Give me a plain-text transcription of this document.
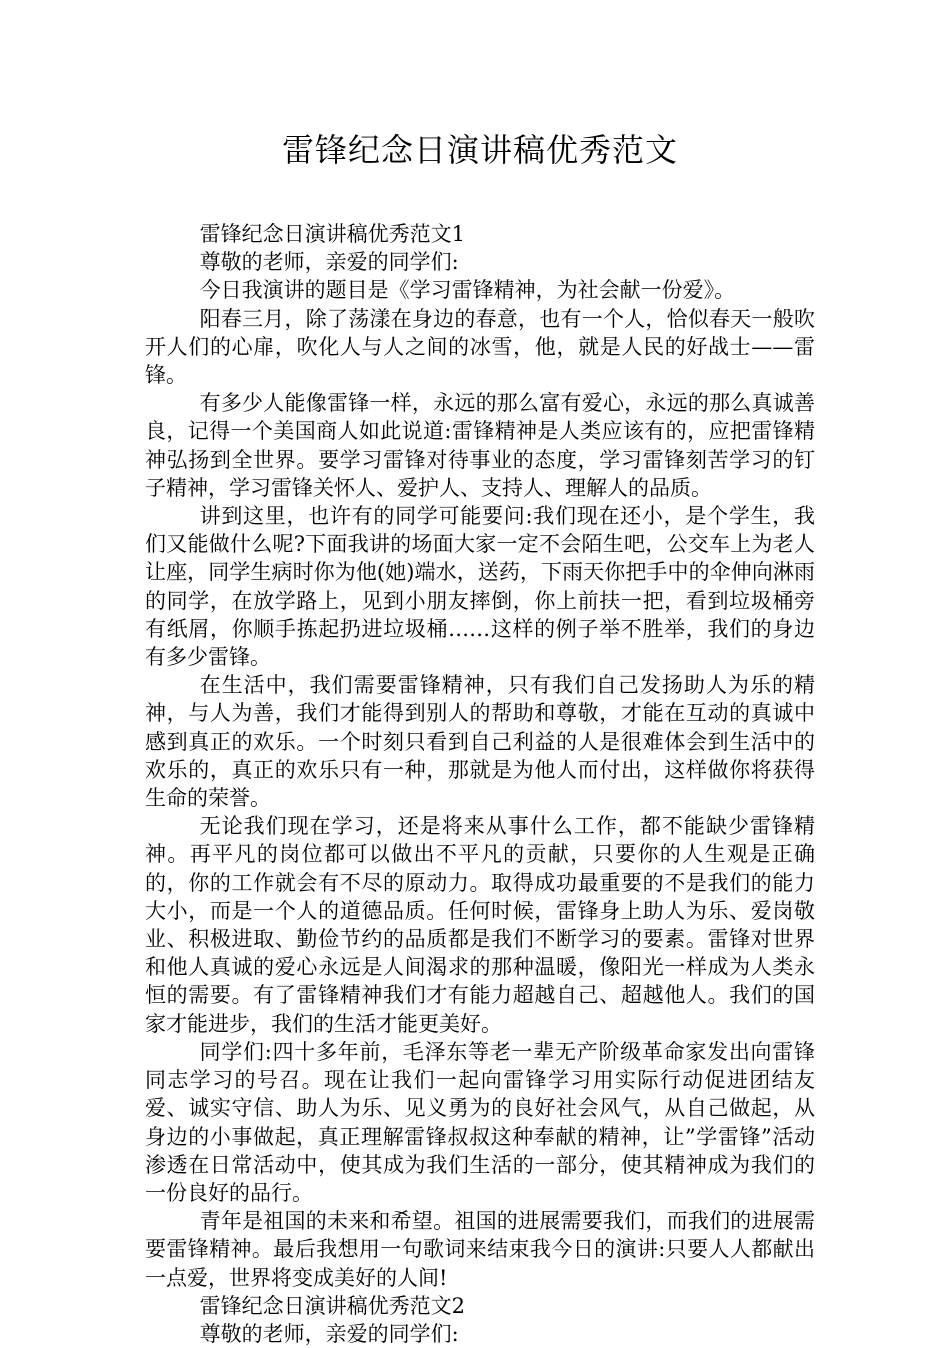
雷锋纪念日演讲稿优秀范文

雷锋纪念日演讲稿优秀范文1

尊敬的老师，亲爱的同学们:

今日我演讲的题目是《学习雷锋精神，为社会献一份爱》。

阳春三月，除了荡漾在身边的春意，也有一个人，恰似春天一般吹开人们的心扉，吹化人与人之间的冰雪，他，就是人民的好战士——雷锋。

有多少人能像雷锋一样，永远的那么富有爱心，永远的那么真诚善良，记得一个美国商人如此说道:雷锋精神是人类应该有的，应把雷锋精神弘扬到全世界。要学习雷锋对待事业的态度，学习雷锋刻苦学习的钉子精神，学习雷锋关怀人、爱护人、支持人、理解人的品质。

讲到这里，也许有的同学可能要问:我们现在还小，是个学生，我们又能做什么呢?下面我讲的场面大家一定不会陌生吧，公交车上为老人让座，同学生病时你为他(她)端水，送药，下雨天你把手中的伞伸向淋雨的同学，在放学路上，见到小朋友摔倒，你上前扶一把，看到垃圾桶旁有纸屑，你顺手拣起扔进垃圾桶……这样的例子举不胜举，我们的身边有多少雷锋。

在生活中，我们需要雷锋精神，只有我们自己发扬助人为乐的精神，与人为善，我们才能得到别人的帮助和尊敬，才能在互动的真诚中感到真正的欢乐。一个时刻只看到自己利益的人是很难体会到生活中的欢乐的，真正的欢乐只有一种，那就是为他人而付出，这样做你将获得生命的荣誉。

无论我们现在学习，还是将来从事什么工作，都不能缺少雷锋精神。再平凡的岗位都可以做出不平凡的贡献，只要你的人生观是正确的，你的工作就会有不尽的原动力。取得成功最重要的不是我们的能力大小，而是一个人的道德品质。任何时候，雷锋身上助人为乐、爱岗敬业、积极进取、勤俭节约的品质都是我们不断学习的要素。雷锋对世界和他人真诚的爱心永远是人间渴求的那种温暖，像阳光一样成为人类永恒的需要。有了雷锋精神我们才有能力超越自己、超越他人。我们的国家才能进步，我们的生活才能更美好。

同学们:四十多年前，毛泽东等老一辈无产阶级革命家发出向雷锋同志学习的号召。现在让我们一起向雷锋学习用实际行动促进团结友爱、诚实守信、助人为乐、见义勇为的良好社会风气，从自己做起，从身边的小事做起，真正理解雷锋叔叔这种奉献的精神，让”学雷锋”活动渗透在日常活动中，使其成为我们生活的一部分，使其精神成为我们的一份良好的品行。

青年是祖国的未来和希望。祖国的进展需要我们，而我们的进展需要雷锋精神。最后我想用一句歌词来结束我今日的演讲:只要人人都献出一点爱，世界将变成美好的人间!

雷锋纪念日演讲稿优秀范文2

尊敬的老师，亲爱的同学们:
